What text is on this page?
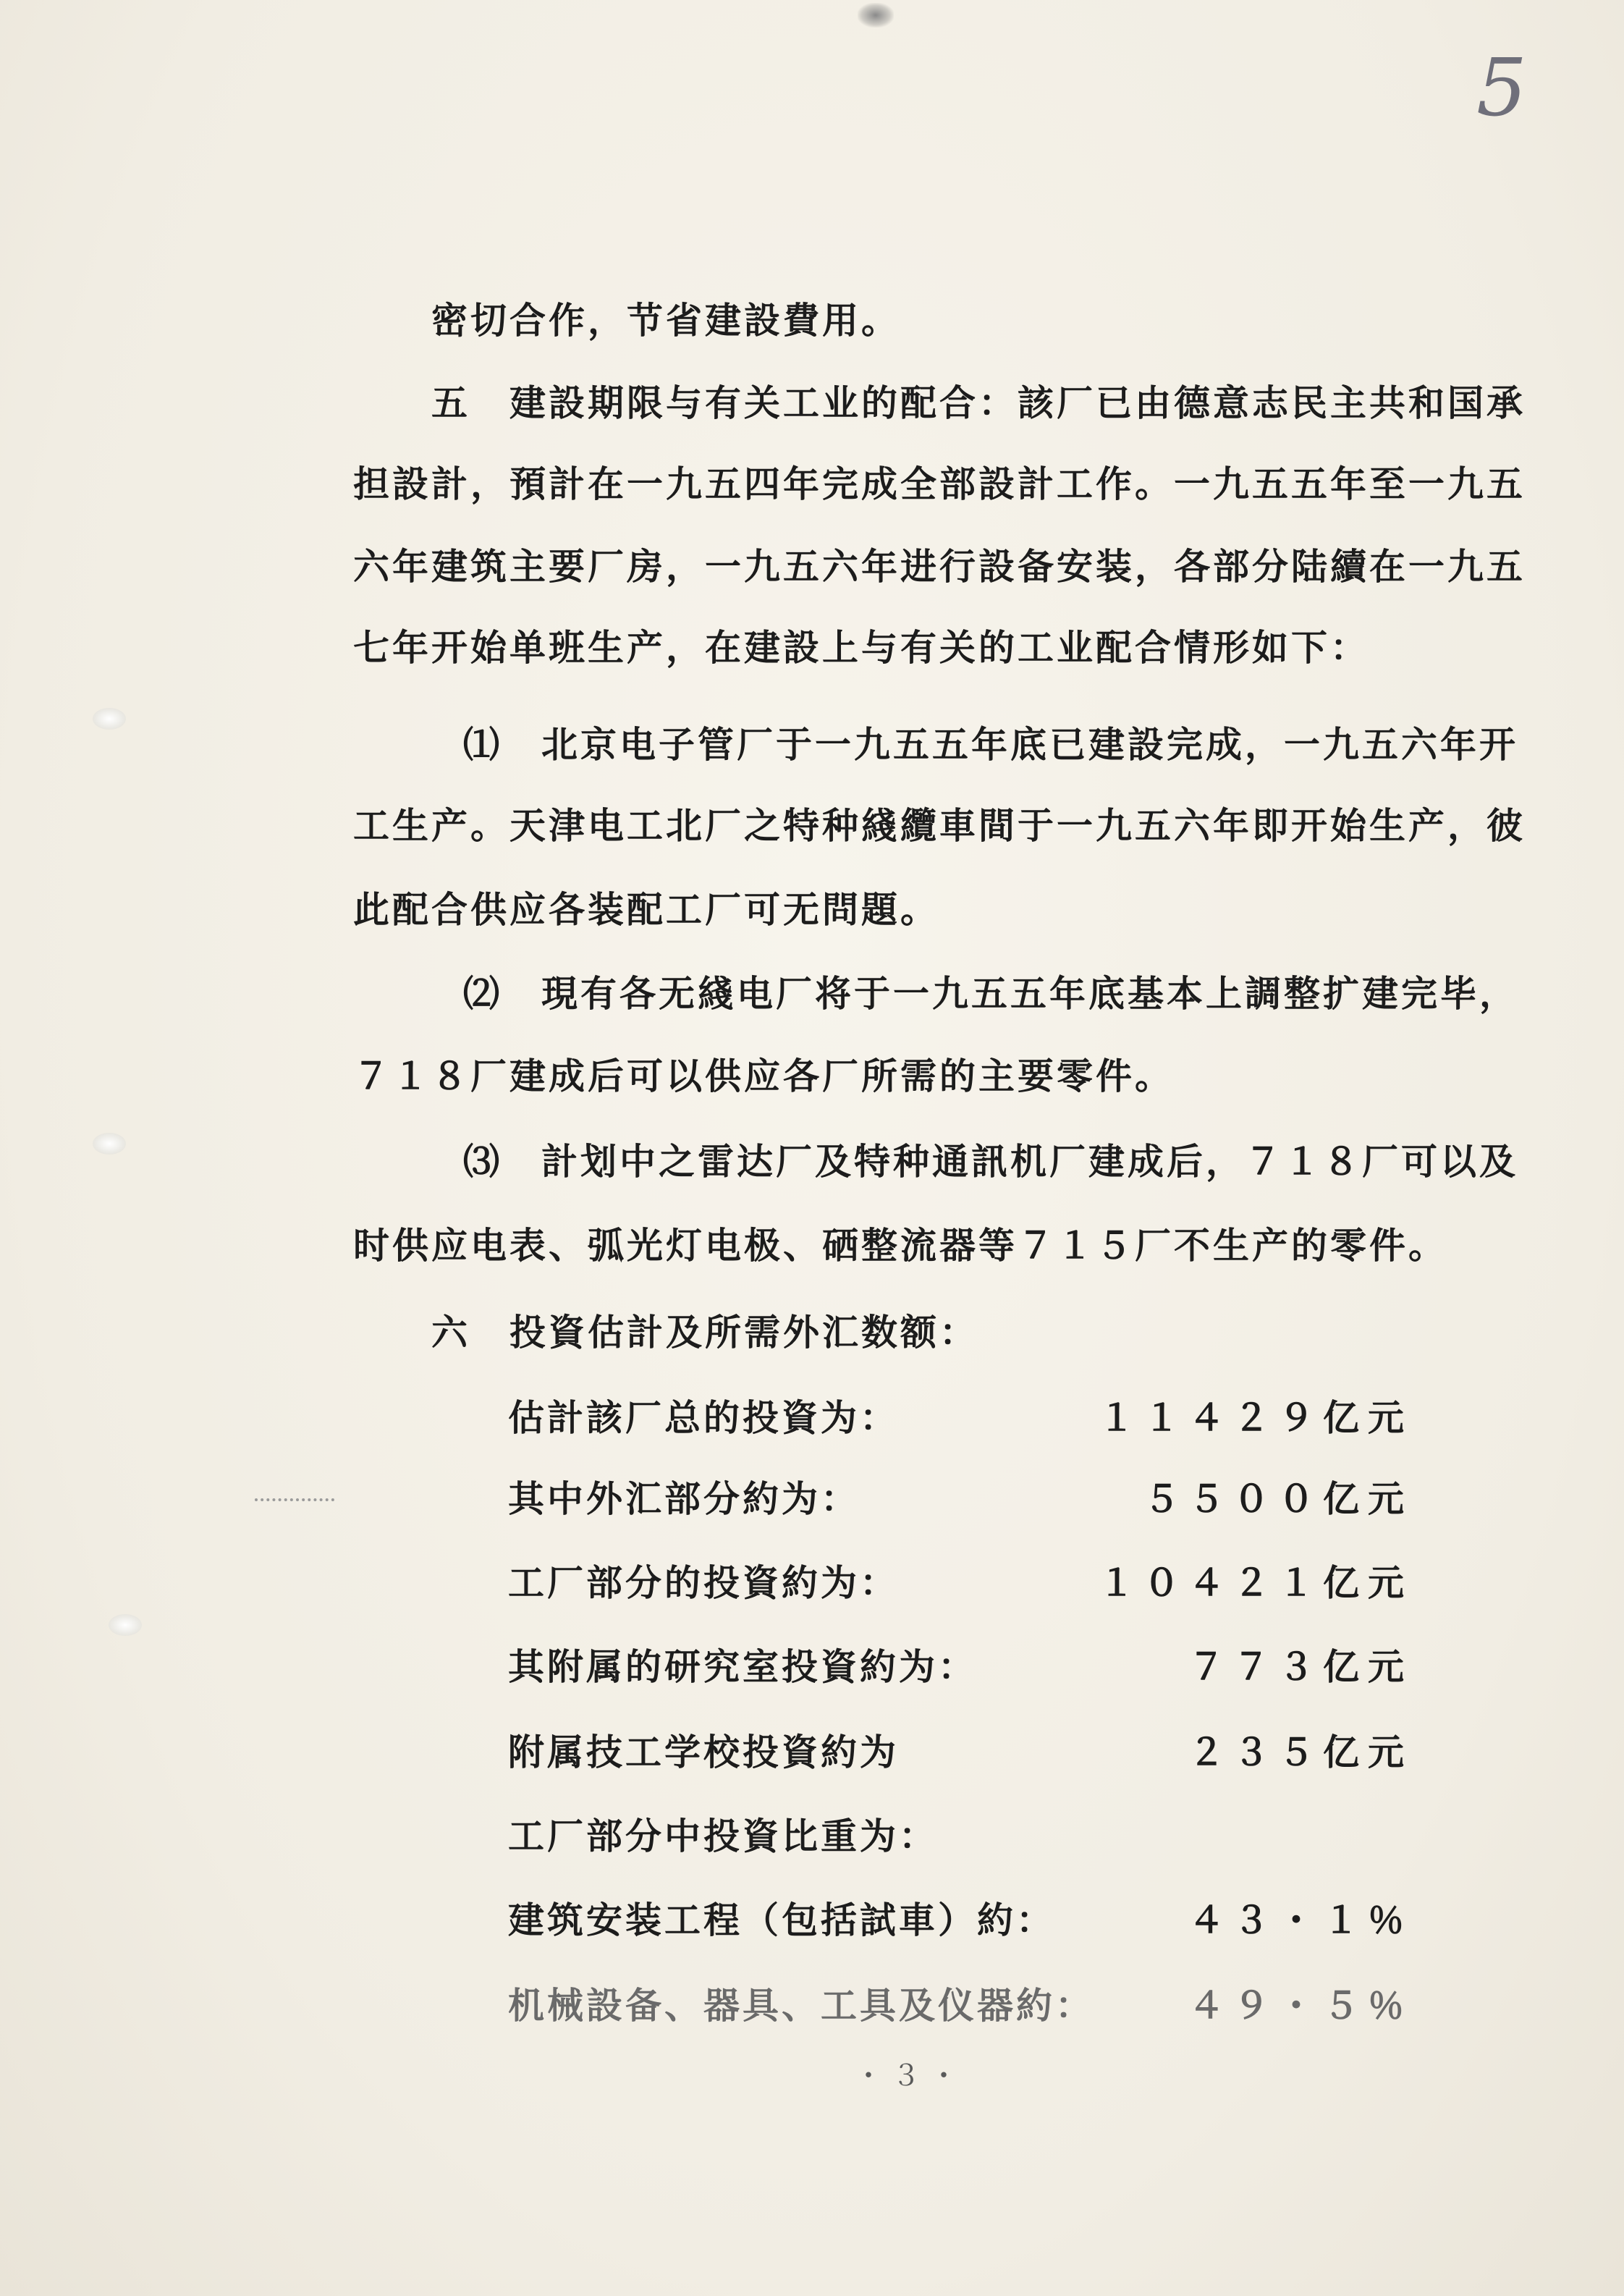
5
密切合作，节省建設費用。
五　建設期限与有关工业的配合：該厂已由德意志民主共和国承
担設計，預計在一九五四年完成全部設計工作。一九五五年至一九五
六年建筑主要厂房，一九五六年进行設备安装，各部分陆續在一九五
七年开始单班生产，在建設上与有关的工业配合情形如下：
⑴　北京电子管厂于一九五五年底已建設完成，一九五六年开
工生产。天津电工北厂之特种綫纜車間于一九五六年即开始生产，彼
此配合供应各装配工厂可无問題。
⑵　現有各无綫电厂将于一九五五年底基本上調整扩建完毕，
７１８厂建成后可以供应各厂所需的主要零件。
⑶　計划中之雷达厂及特种通訊机厂建成后，７１８厂可以及
时供应电表、弧光灯电极、硒整流器等７１５厂不生产的零件。
六　投資估計及所需外汇数额：
估計該厂总的投資为：	１１４２９亿元
其中外汇部分約为：	５５００亿元
工厂部分的投資約为：	１０４２１亿元
其附属的研究室投資約为：	７７３亿元
附属技工学校投資約为	２３５亿元
工厂部分中投資比重为：
建筑安装工程（包括試車）約：	４３・１％
机械設备、器具、工具及仪器約：	４９・５％
・３・
